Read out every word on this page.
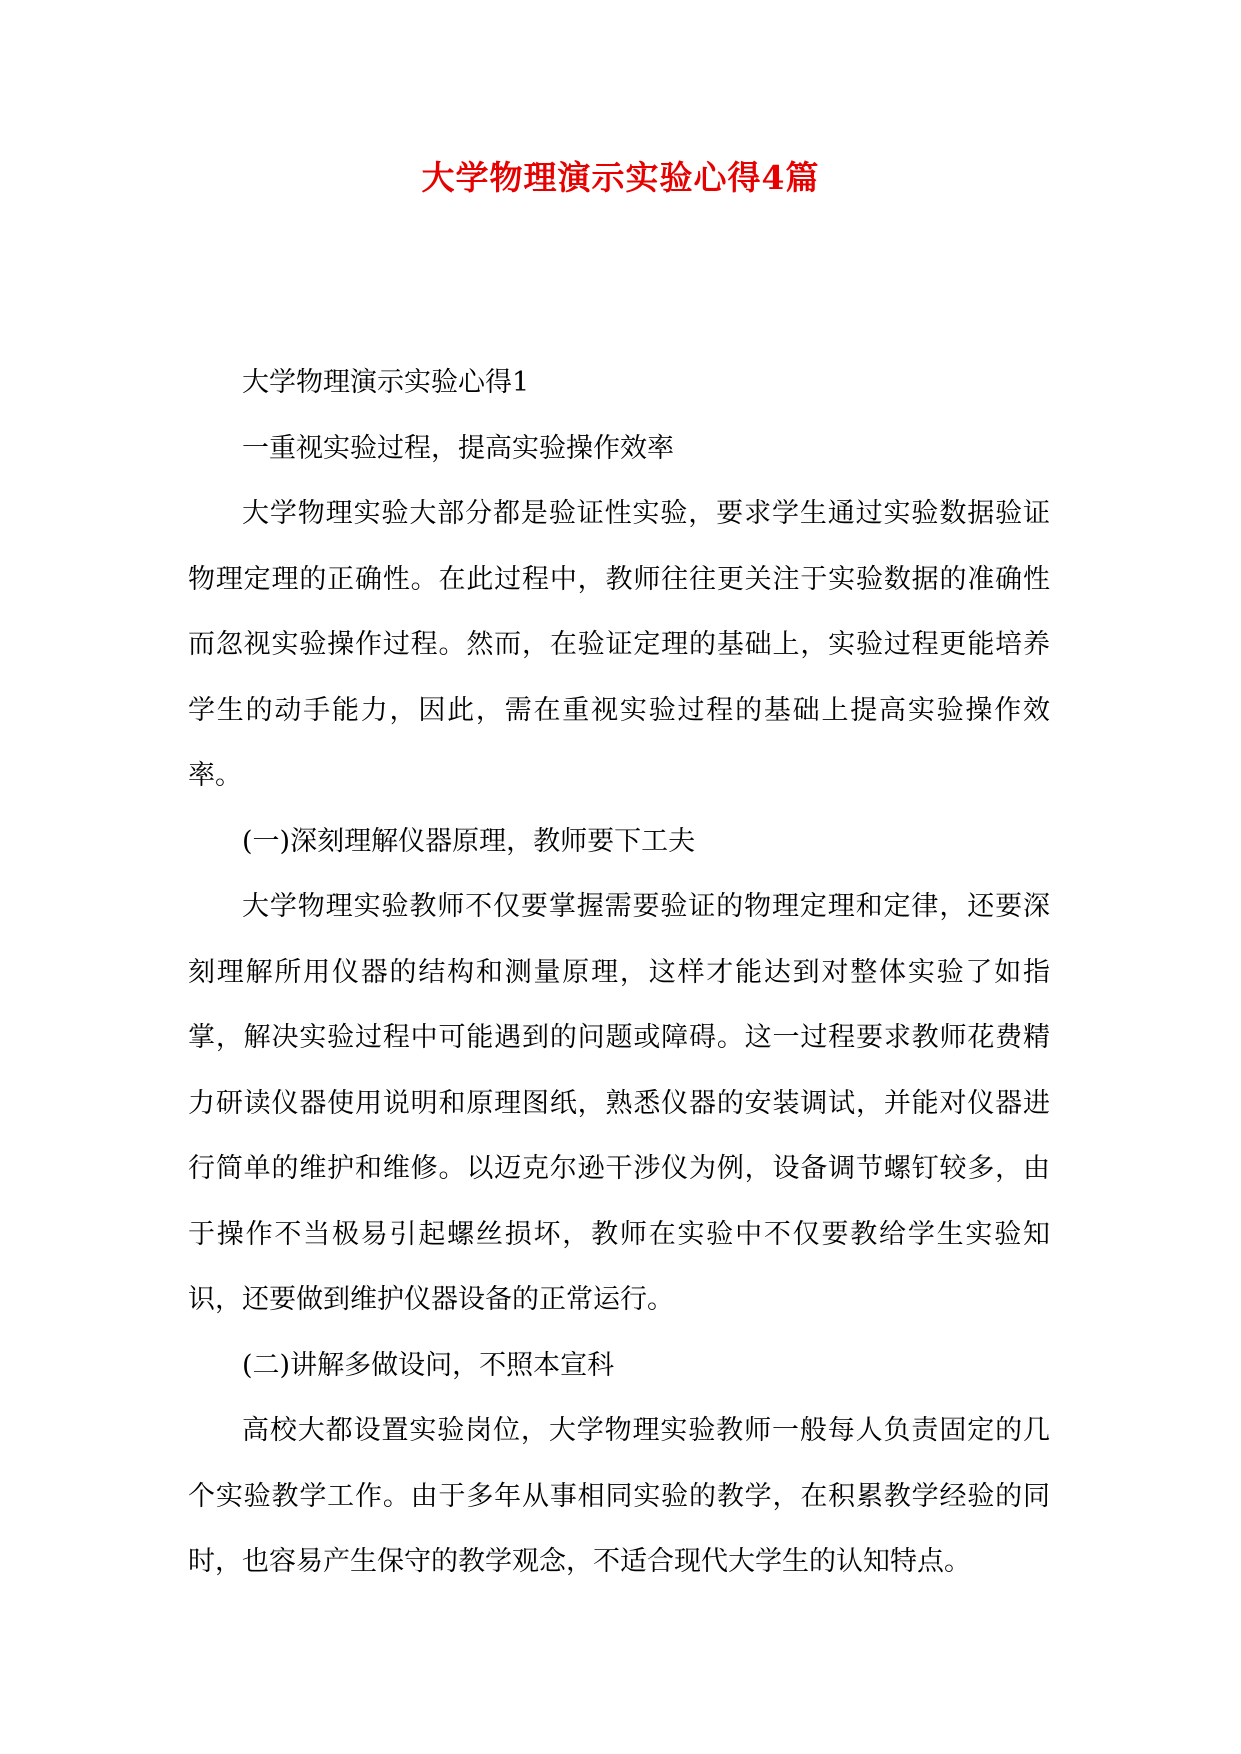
大学物理演示实验心得4篇

大学物理演示实验心得1

一重视实验过程，提高实验操作效率

大学物理实验大部分都是验证性实验，要求学生通过实验数据验证物理定理的正确性。在此过程中，教师往往更关注于实验数据的准确性而忽视实验操作过程。然而，在验证定理的基础上，实验过程更能培养学生的动手能力，因此，需在重视实验过程的基础上提高实验操作效率。

(一)深刻理解仪器原理，教师要下工夫

大学物理实验教师不仅要掌握需要验证的物理定理和定律，还要深刻理解所用仪器的结构和测量原理，这样才能达到对整体实验了如指掌，解决实验过程中可能遇到的问题或障碍。这一过程要求教师花费精力研读仪器使用说明和原理图纸，熟悉仪器的安装调试，并能对仪器进行简单的维护和维修。以迈克尔逊干涉仪为例，设备调节螺钉较多，由于操作不当极易引起螺丝损坏，教师在实验中不仅要教给学生实验知识，还要做到维护仪器设备的正常运行。

(二)讲解多做设问，不照本宣科

高校大都设置实验岗位，大学物理实验教师一般每人负责固定的几个实验教学工作。由于多年从事相同实验的教学，在积累教学经验的同时，也容易产生保守的教学观念，不适合现代大学生的认知特点。
